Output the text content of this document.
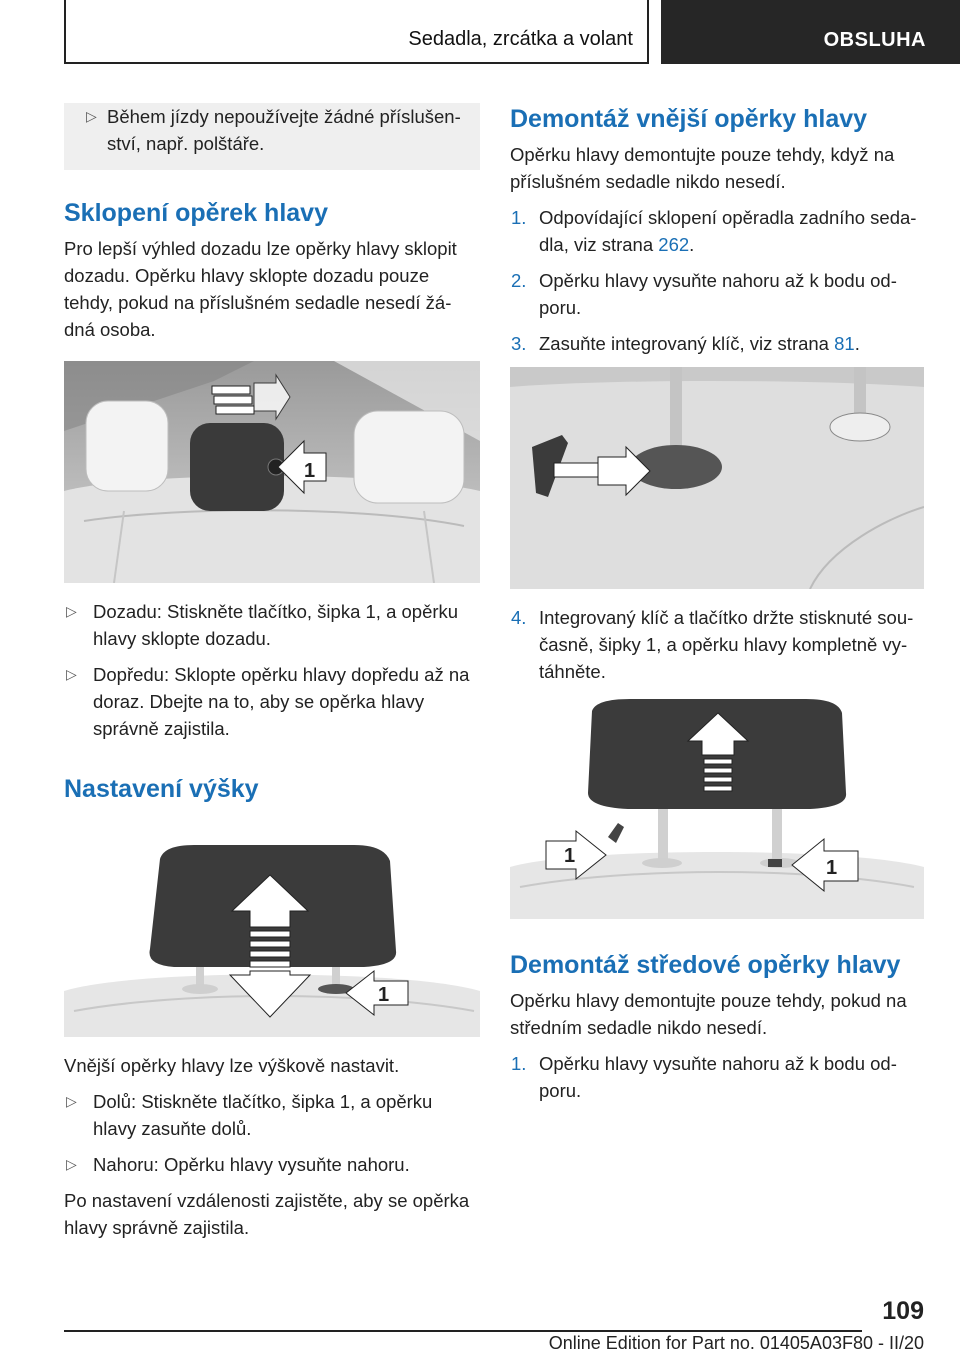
Sedadla, zrcátka a volant	OBSLUHA
▷ Během jízdy nepoužívejte žádné příslušen‐ ství, např. polštáře.
Sklopení opěrek hlavy

Pro lepší výhled dozadu lze opěrky hlavy sklopit dozadu. Opěrku hlavy sklopte dozadu pouze tehdy, pokud na příslušném sedadle nesedí žá‐ dná osoba.

1
▷ Dozadu: Stiskněte tlačítko, šipka 1, a opěrku hlavy sklopte dozadu.
▷ Dopředu: Sklopte opěrku hlavy dopředu až na doraz. Dbejte na to, aby se opěrka hlavy správně zajistila.
Nastavení výšky
1

Vnější opěrky hlavy lze výškově nastavit.

▷ Dolů: Stiskněte tlačítko, šipka 1, a opěrku hlavy zasuňte dolů.
▷ Nahoru: Opěrku hlavy vysuňte nahoru.

Po nastavení vzdálenosti zajistěte, aby se opěrka hlavy správně zajistila.

Demontáž vnější opěrky hlavy

Opěrku hlavy demontujte pouze tehdy, když na příslušném sedadle nikdo nesedí.

1. Odpovídající sklopení opěradla zadního seda‐ dla, viz strana 262.
2. Opěrku hlavy vysuňte nahoru až k bodu od‐ poru.
3. Zasuňte integrovaný klíč, viz strana 81.
4. Integrovaný klíč a tlačítko držte stisknuté sou‐ časně, šipky 1, a opěrku hlavy kompletně vy‐ táhněte.
1
1
Demontáž středové opěrky hlavy

Opěrku hlavy demontujte pouze tehdy, pokud na středním sedadle nikdo nesedí.

1. Opěrku hlavy vysuňte nahoru až k bodu od‐ poru.
109
Online Edition for Part no. 01405A03F80 - II/20
